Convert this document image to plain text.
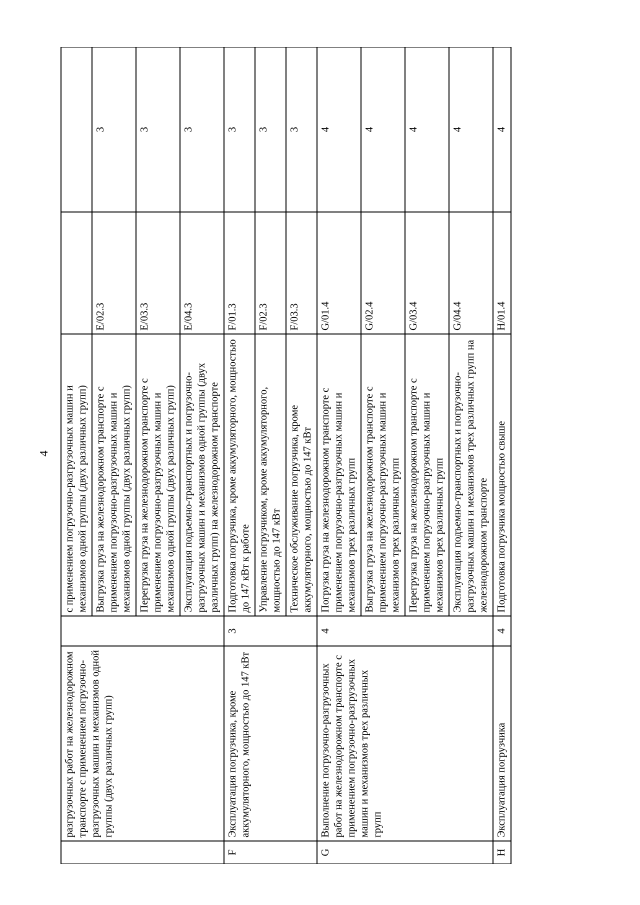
4
	разгрузочных работ на железнодорожном транспорте с применением погрузочно-разгрузочных машин и механизмов одной группы (двух различных групп)		с применением погрузочно-разгрузочных машин и механизмов одной группы (двух различных групп)		
			Выгрузка груза на железнодорожном транспорте с применением погрузочно-разгрузочных машин и механизмов одной группы (двух различных групп)	E/02.3	3
			Перегрузка груза на железнодорожном транспорте с применением погрузочно-разгрузочных машин и механизмов одной группы (двух различных групп)	E/03.3	3
			Эксплуатация подъемно-транспортных и погрузочно-разгрузочных машин и механизмов одной группы (двух различных групп) на железнодорожном транспорте	E/04.3	3
F	Эксплуатация погрузчика, кроме аккумуляторного, мощностью до 147 кВт	3	Подготовка погрузчика, кроме аккумуляторного, мощностью до 147 кВт к работе	F/01.3	3
			Управление погрузчиком, кроме аккумуляторного, мощностью до 147 кВт	F/02.3	3
			Техническое обслуживание погрузчика, кроме аккумуляторного, мощностью до 147 кВт	F/03.3	3
G	Выполнение погрузочно-разгрузочных работ на железнодорожном транспорте с применением погрузочно-разгрузочных машин и механизмов трех различных групп	4	Погрузка груза на железнодорожном транспорте с применением погрузочно-разгрузочных машин и механизмов трех различных групп	G/01.4	4
			Выгрузка груза на железнодорожном транспорте с применением погрузочно-разгрузочных машин и механизмов трех различных групп	G/02.4	4
			Перегрузка груза на железнодорожном транспорте с применением погрузочно-разгрузочных машин и механизмов трех различных групп	G/03.4	4
			Эксплуатация подъемно-транспортных и погрузочно-разгрузочных машин и механизмов трех различных групп на железнодорожном транспорте	G/04.4	4
H	Эксплуатация погрузчика	4	Подготовка погрузчика мощностью свыше	H/01.4	4
